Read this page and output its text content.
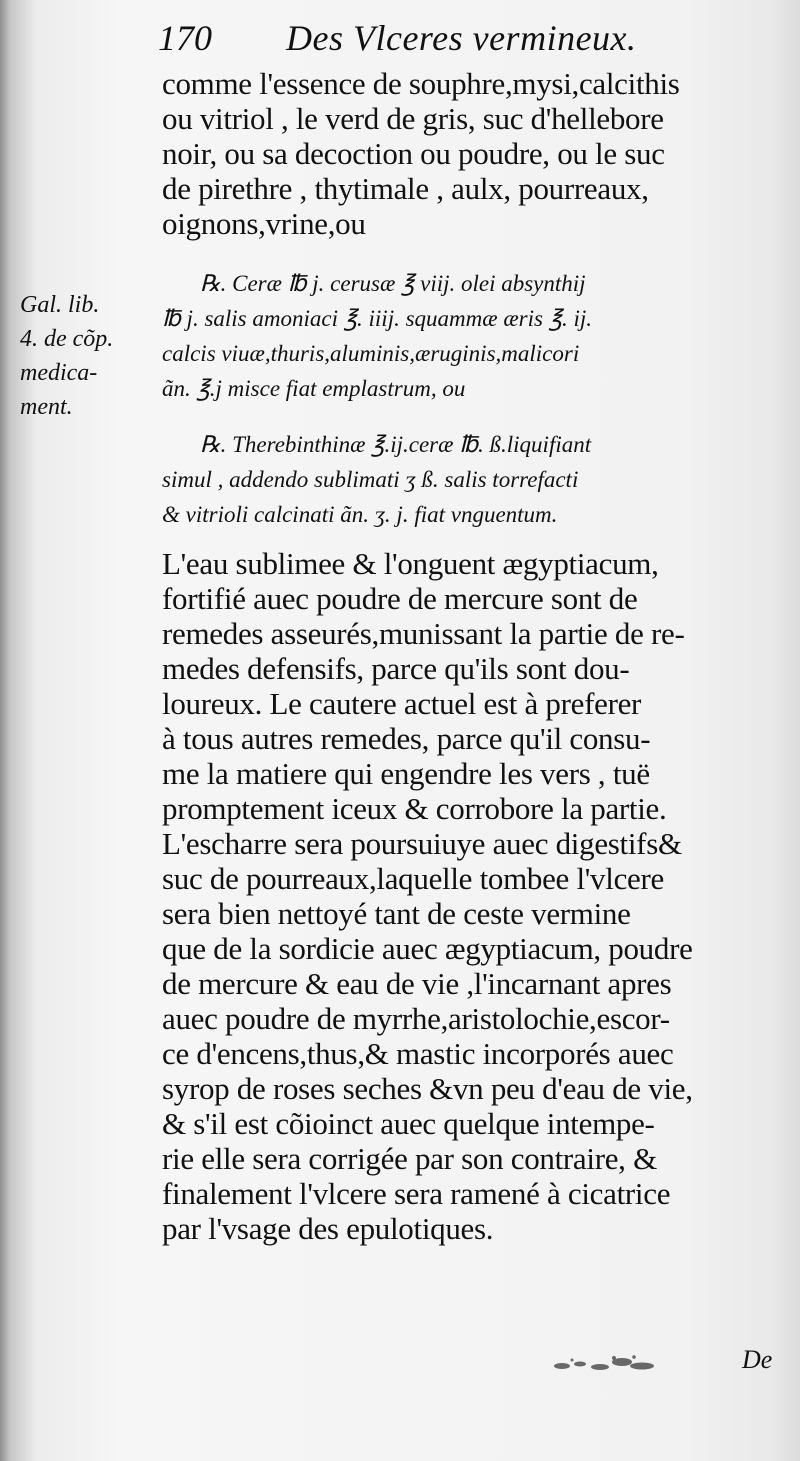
170 Des Vlceres vermineux.
Gal. lib.
4. de cõp.
medica-
ment.
comme l'essence de souphre,mysi,calcithis
ou vitriol , le verd de gris, suc d'hellebore
noir, ou sa decoction ou poudre, ou le suc
de pirethre , thytimale , aulx, pourreaux,
oignons,vrine,ou
℞. Ceræ ℔ j. cerusæ ℥ viij. olei absynthij
℔ j. salis amoniaci ℥. iiij. squammæ æris ℥. ij.
calcis viuæ,thuris,aluminis,æruginis,malicori
ãn. ℥.j misce fiat emplastrum, ou
℞. Therebinthinæ ℥.ij.ceræ ℔. ß.liquifiant
simul , addendo sublimati ʒ ß. salis torrefacti
& vitrioli calcinati ãn. ʒ. j. fiat vnguentum.
L'eau sublimee & l'onguent ægyptiacum,
fortifié auec poudre de mercure sont de
remedes asseurés,munissant la partie de re-
medes defensifs, parce qu'ils sont dou-
loureux. Le cautere actuel est à preferer
à tous autres remedes, parce qu'il consu-
me la matiere qui engendre les vers , tuë
promptement iceux & corrobore la partie.
L'escharre sera poursuiuye auec digestifs&
suc de pourreaux,laquelle tombee l'vlcere
sera bien nettoyé tant de ceste vermine
que de la sordicie auec ægyptiacum, poudre
de mercure & eau de vie ,l'incarnant apres
auec poudre de myrrhe,aristolochie,escor-
ce d'encens,thus,& mastic incorporés auec
syrop de roses seches &vn peu d'eau de vie,
& s'il est cõioinct auec quelque intempe-
rie elle sera corrigée par son contraire, &
finalement l'vlcere sera ramené à cicatrice
par l'vsage des epulotiques.
De
